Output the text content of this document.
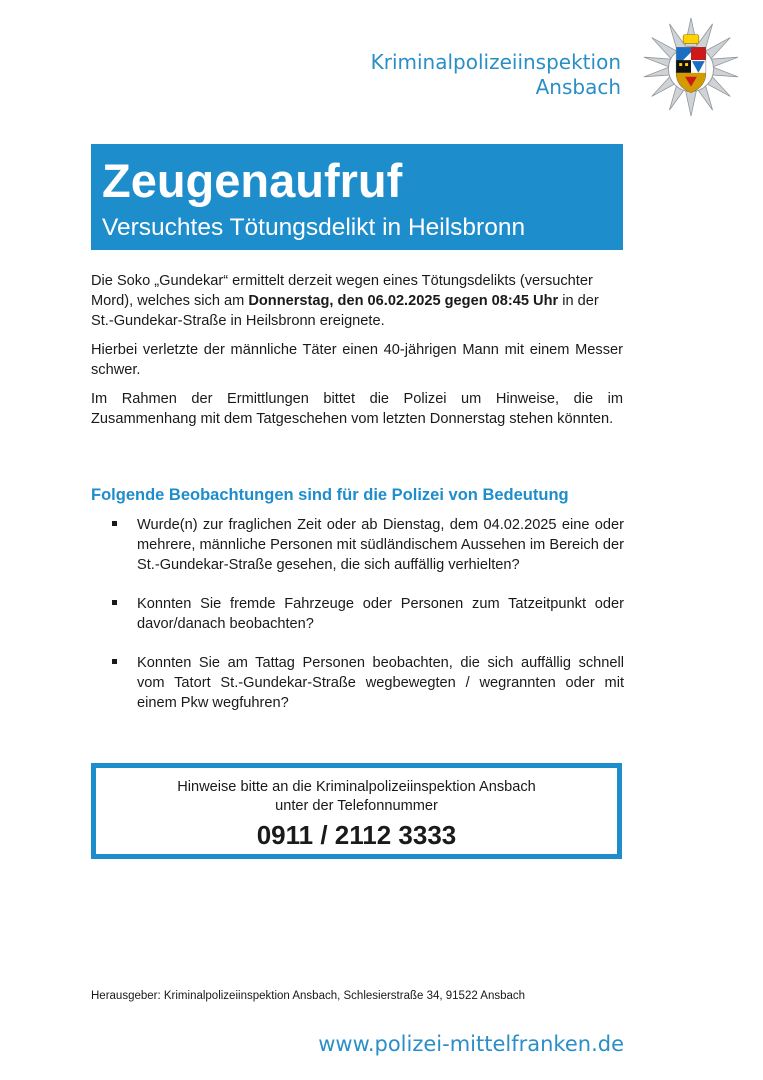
Kriminalpolizeiinspektion
Ansbach
Zeugenaufruf
Versuchtes Tötungsdelikt in Heilsbronn
Die Soko „Gundekar“ ermittelt derzeit wegen eines Tötungsdelikts (versuchter Mord), welches sich am Donnerstag, den 06.02.2025 gegen 08:45 Uhr in der St.-Gundekar-Straße in Heilsbronn ereignete.
Hierbei verletzte der männliche Täter einen 40-jährigen Mann mit einem Messer schwer.
Im Rahmen der Ermittlungen bittet die Polizei um Hinweise, die im Zusammenhang mit dem Tatgeschehen vom letzten Donnerstag stehen könnten.
Folgende Beobachtungen sind für die Polizei von Bedeutung
Wurde(n) zur fraglichen Zeit oder ab Dienstag, dem 04.02.2025 eine oder mehrere, männliche Personen mit südländischem Aussehen im Bereich der St.-Gundekar-Straße gesehen, die sich auffällig verhielten?
Konnten Sie fremde Fahrzeuge oder Personen zum Tatzeitpunkt oder davor/danach beobachten?
Konnten Sie am Tattag Personen beobachten, die sich auffällig schnell vom Tatort St.-Gundekar-Straße wegbewegten / wegrannten oder mit einem Pkw wegfuhren?
Hinweise bitte an die Kriminalpolizeiinspektion Ansbach
unter der Telefonnummer
0911 / 2112 3333
Herausgeber: Kriminalpolizeiinspektion Ansbach, Schlesierstraße 34, 91522 Ansbach
www.polizei-mittelfranken.de
